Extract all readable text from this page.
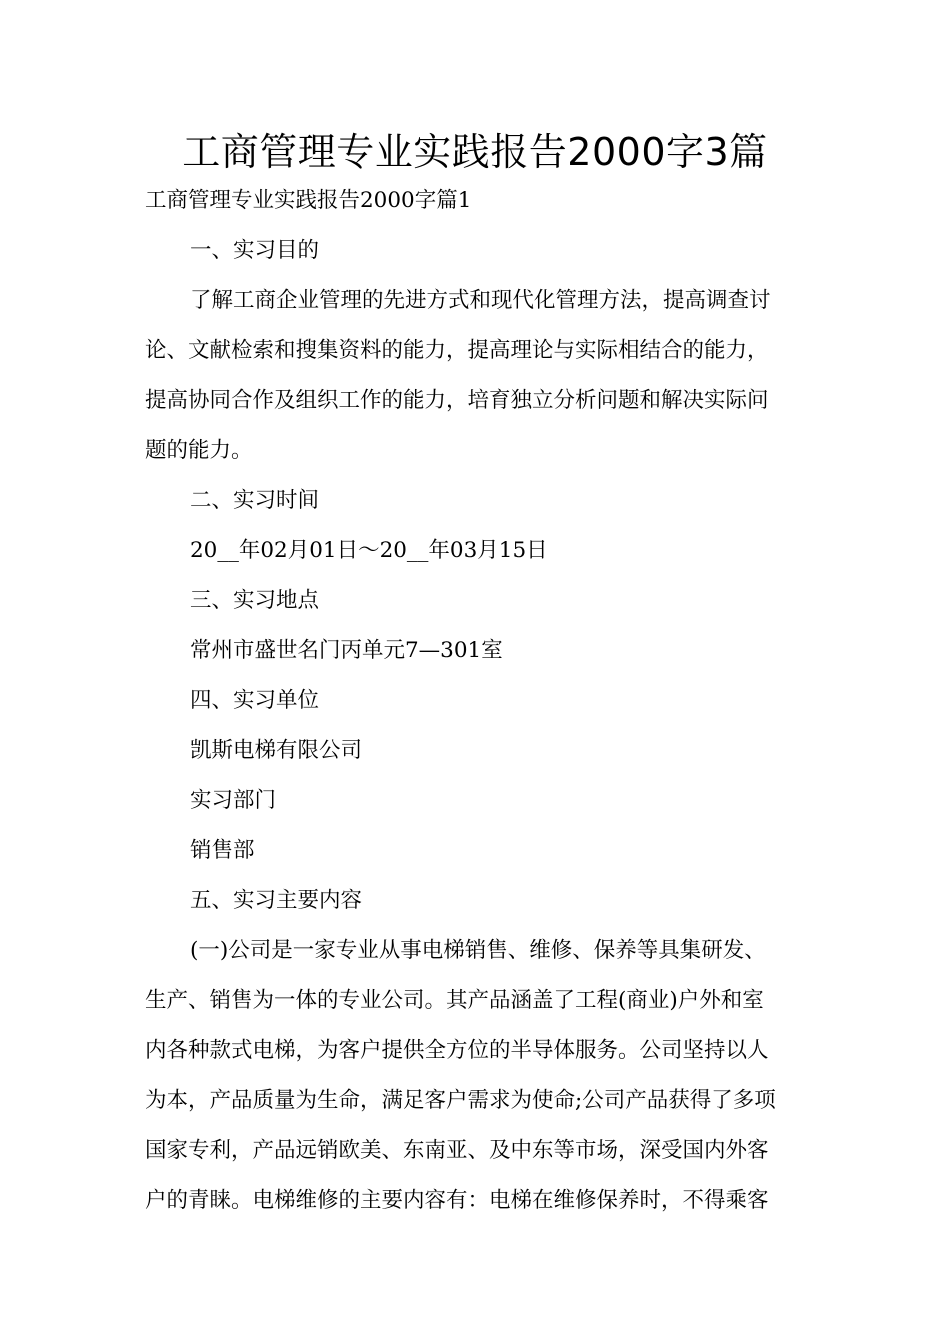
工商管理专业实践报告2000字3篇
工商管理专业实践报告2000字篇1
一、实习目的
了解工商企业管理的先进方式和现代化管理方法，提高调查讨
论、文献检索和搜集资料的能力，提高理论与实际相结合的能力，
提高协同合作及组织工作的能力，培育独立分析问题和解决实际问
题的能力。
二、实习时间
20__年02月01日～20__年03月15日
三、实习地点
常州市盛世名门丙单元7—301室
四、实习单位
凯斯电梯有限公司
实习部门
销售部
五、实习主要内容
(一)公司是一家专业从事电梯销售、维修、保养等具集研发、
生产、销售为一体的专业公司。其产品涵盖了工程(商业)户外和室
内各种款式电梯，为客户提供全方位的半导体服务。公司坚持以人
为本，产品质量为生命，满足客户需求为使命;公司产品获得了多项
国家专利，产品远销欧美、东南亚、及中东等市场，深受国内外客
户的青睐。电梯维修的主要内容有：电梯在维修保养时，不得乘客
